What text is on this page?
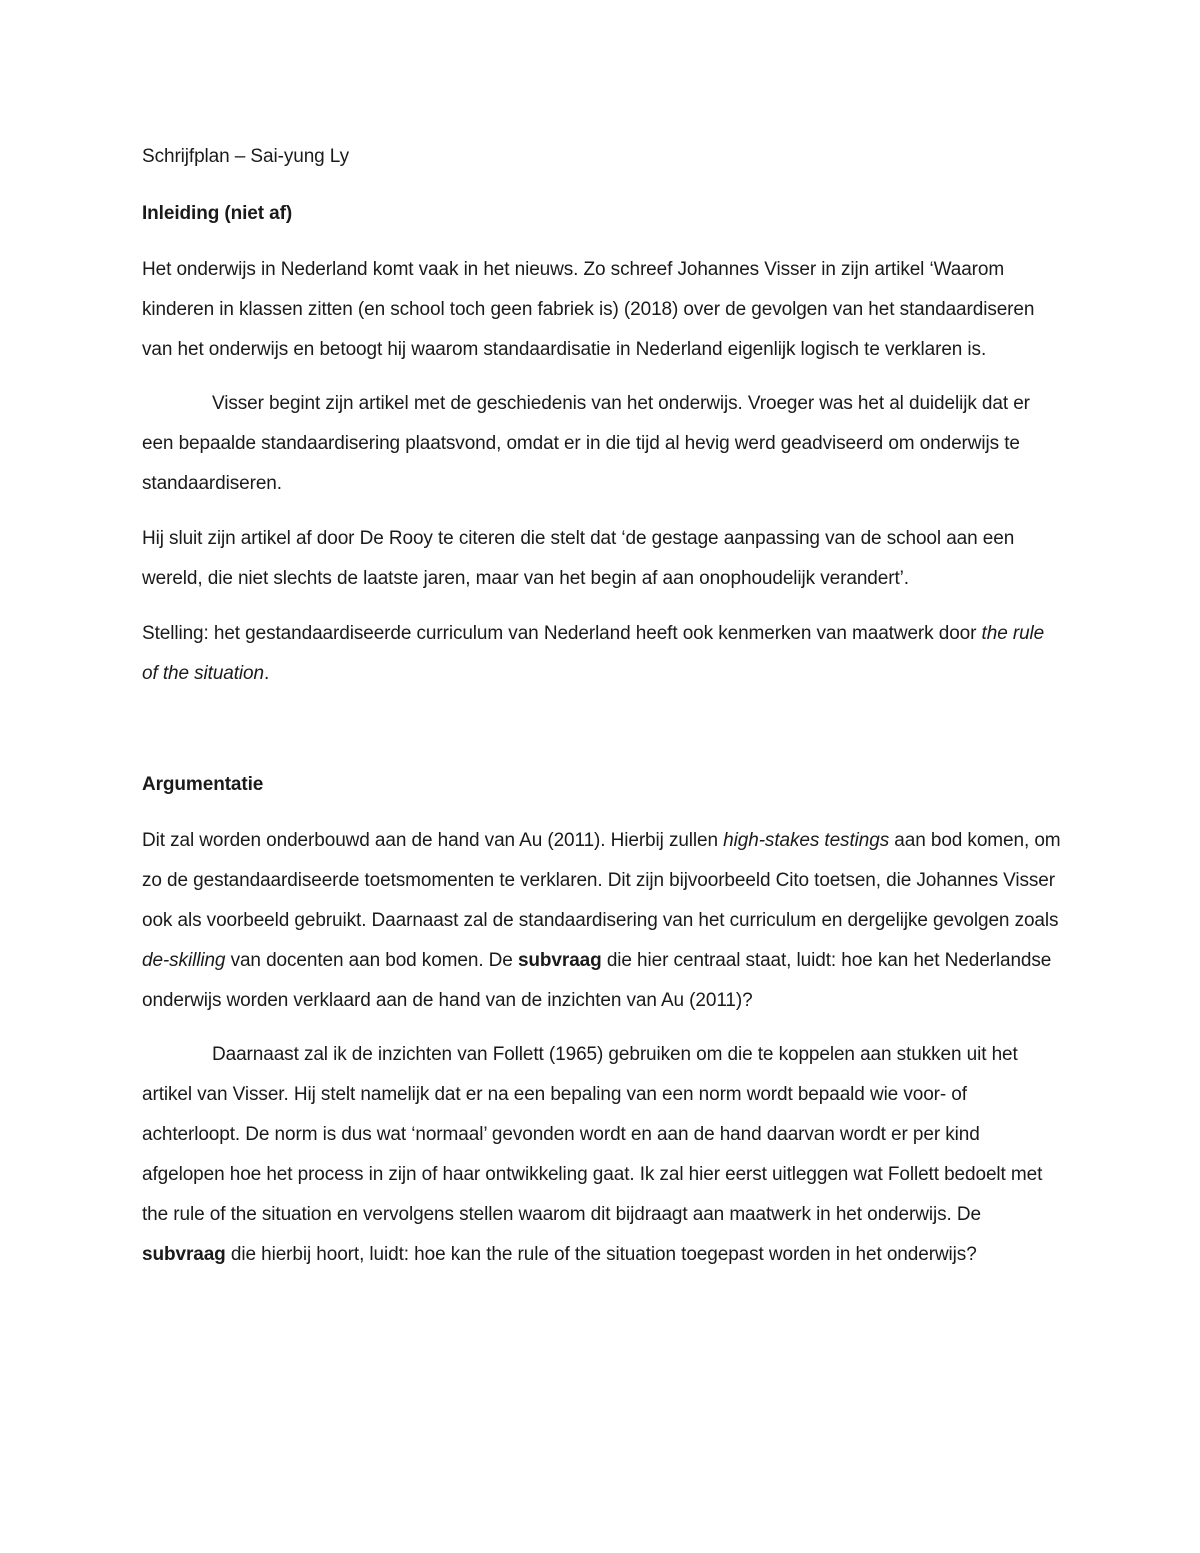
Schrijfplan – Sai-yung Ly

Inleiding (niet af)

Het onderwijs in Nederland komt vaak in het nieuws. Zo schreef Johannes Visser in zijn artikel ‘Waarom kinderen in klassen zitten (en school toch geen fabriek is) (2018) over de gevolgen van het standaardiseren van het onderwijs en betoogt hij waarom standaardisatie in Nederland eigenlijk logisch te verklaren is.

Visser begint zijn artikel met de geschiedenis van het onderwijs. Vroeger was het al duidelijk dat er een bepaalde standaardisering plaatsvond, omdat er in die tijd al hevig werd geadviseerd om onderwijs te standaardiseren.

Hij sluit zijn artikel af door De Rooy te citeren die stelt dat ‘de gestage aanpassing van de school aan een wereld, die niet slechts de laatste jaren, maar van het begin af aan onophoudelijk verandert’.

Stelling: het gestandaardiseerde curriculum van Nederland heeft ook kenmerken van maatwerk door the rule of the situation.

Argumentatie

Dit zal worden onderbouwd aan de hand van Au (2011). Hierbij zullen high-stakes testings aan bod komen, om zo de gestandaardiseerde toetsmomenten te verklaren. Dit zijn bijvoorbeeld Cito toetsen, die Johannes Visser ook als voorbeeld gebruikt. Daarnaast zal de standaardisering van het curriculum en dergelijke gevolgen zoals de-skilling van docenten aan bod komen. De subvraag die hier centraal staat, luidt: hoe kan het Nederlandse onderwijs worden verklaard aan de hand van de inzichten van Au (2011)?

Daarnaast zal ik de inzichten van Follett (1965) gebruiken om die te koppelen aan stukken uit het artikel van Visser. Hij stelt namelijk dat er na een bepaling van een norm wordt bepaald wie voor- of achterloopt. De norm is dus wat ‘normaal’ gevonden wordt en aan de hand daarvan wordt er per kind afgelopen hoe het process in zijn of haar ontwikkeling gaat. Ik zal hier eerst uitleggen wat Follett bedoelt met the rule of the situation en vervolgens stellen waarom dit bijdraagt aan maatwerk in het onderwijs. De subvraag die hierbij hoort, luidt: hoe kan the rule of the situation toegepast worden in het onderwijs?
